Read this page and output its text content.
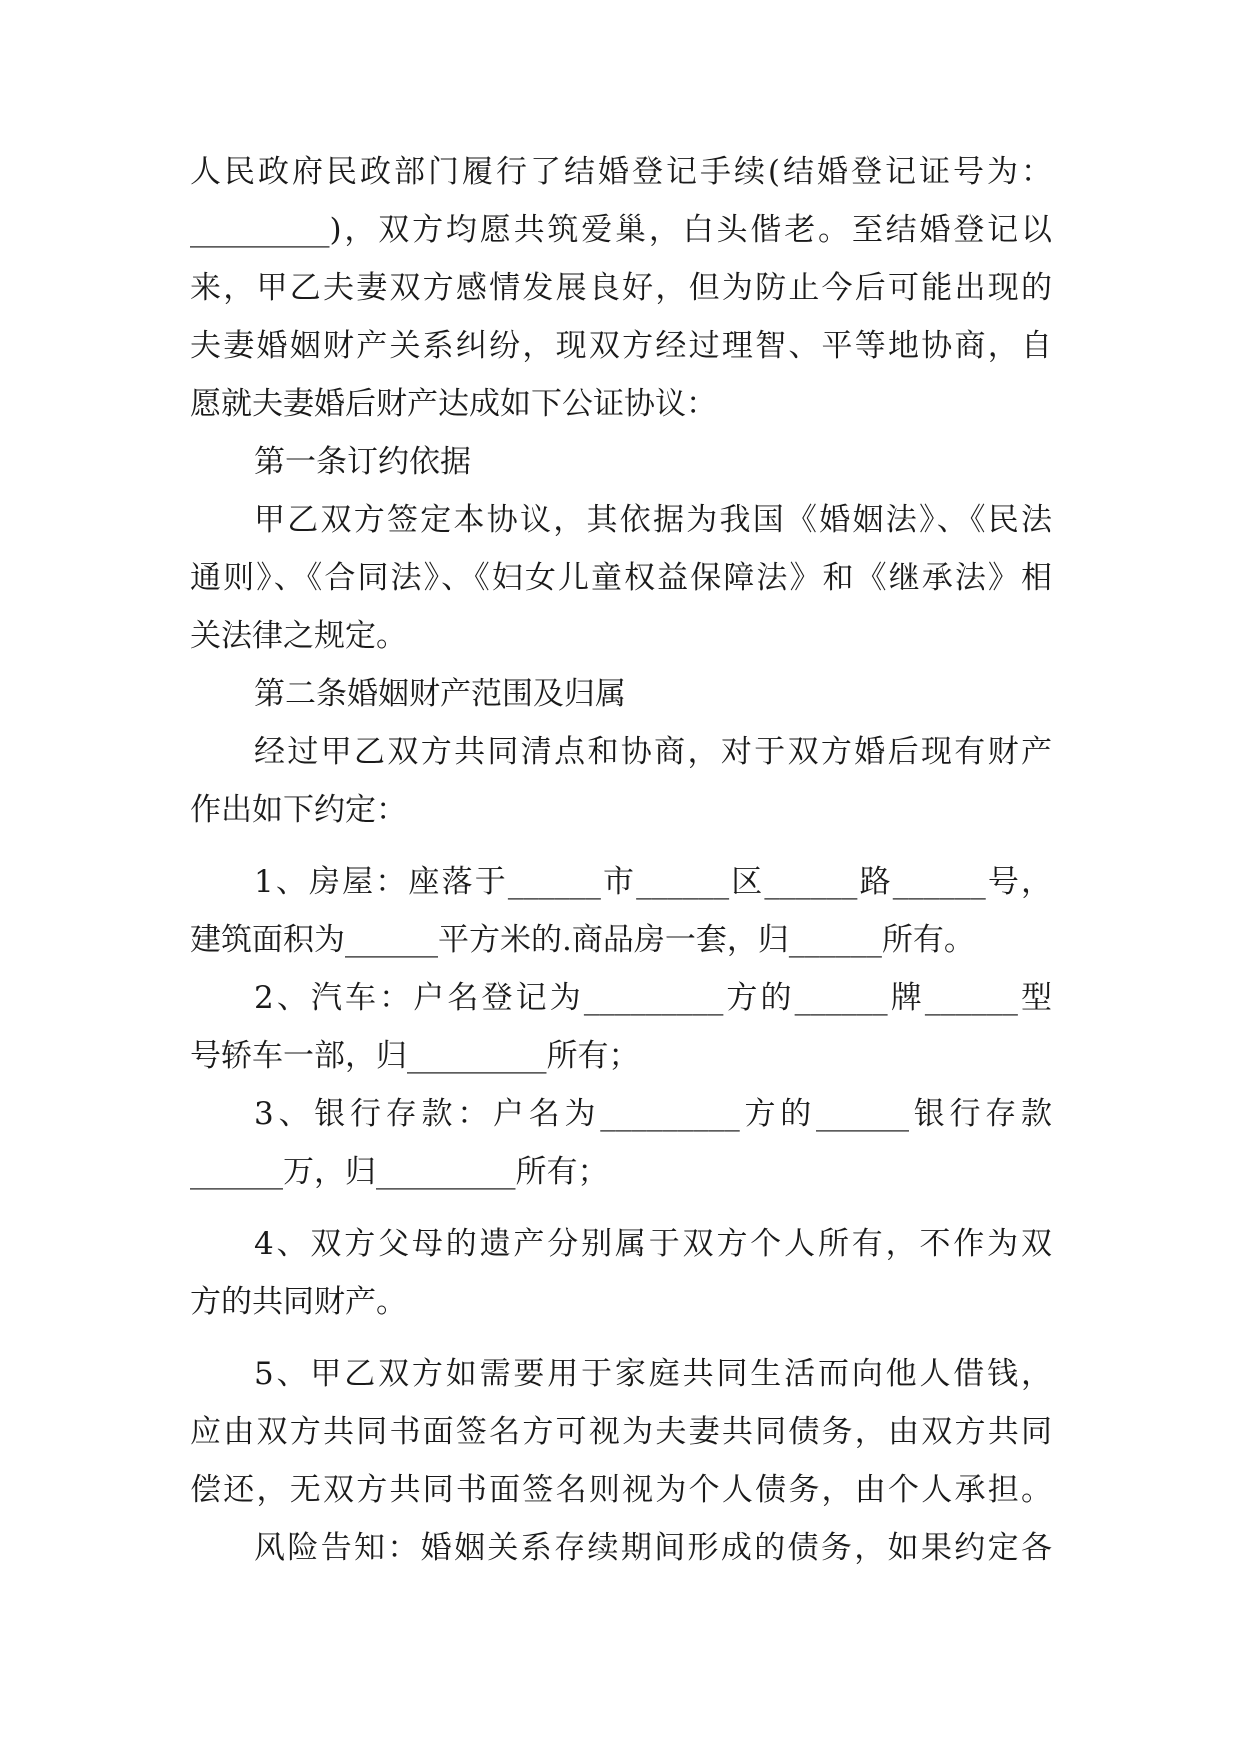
人民政府民政部门履行了结婚登记手续(结婚登记证号为：
_________)，双方均愿共筑爱巢，白头偕老。至结婚登记以
来，甲乙夫妻双方感情发展良好，但为防止今后可能出现的
夫妻婚姻财产关系纠纷，现双方经过理智、平等地协商，自
愿就夫妻婚后财产达成如下公证协议：
第一条订约依据
甲乙双方签定本协议，其依据为我国《婚姻法》、《民法
通则》、《合同法》、《妇女儿童权益保障法》和《继承法》相
关法律之规定。
第二条婚姻财产范围及归属
经过甲乙双方共同清点和协商，对于双方婚后现有财产
作出如下约定：
1、房屋：座落于______市______区______路______号，
建筑面积为______平方米的.商品房一套，归______所有。
2、汽车：户名登记为_________方的______牌______型
号轿车一部，归_________所有；
3、银行存款：户名为_________方的______银行存款
______万，归_________所有；
4、双方父母的遗产分别属于双方个人所有，不作为双
方的共同财产。
5、甲乙双方如需要用于家庭共同生活而向他人借钱，
应由双方共同书面签名方可视为夫妻共同债务，由双方共同
偿还，无双方共同书面签名则视为个人债务，由个人承担。
风险告知：婚姻关系存续期间形成的债务，如果约定各
